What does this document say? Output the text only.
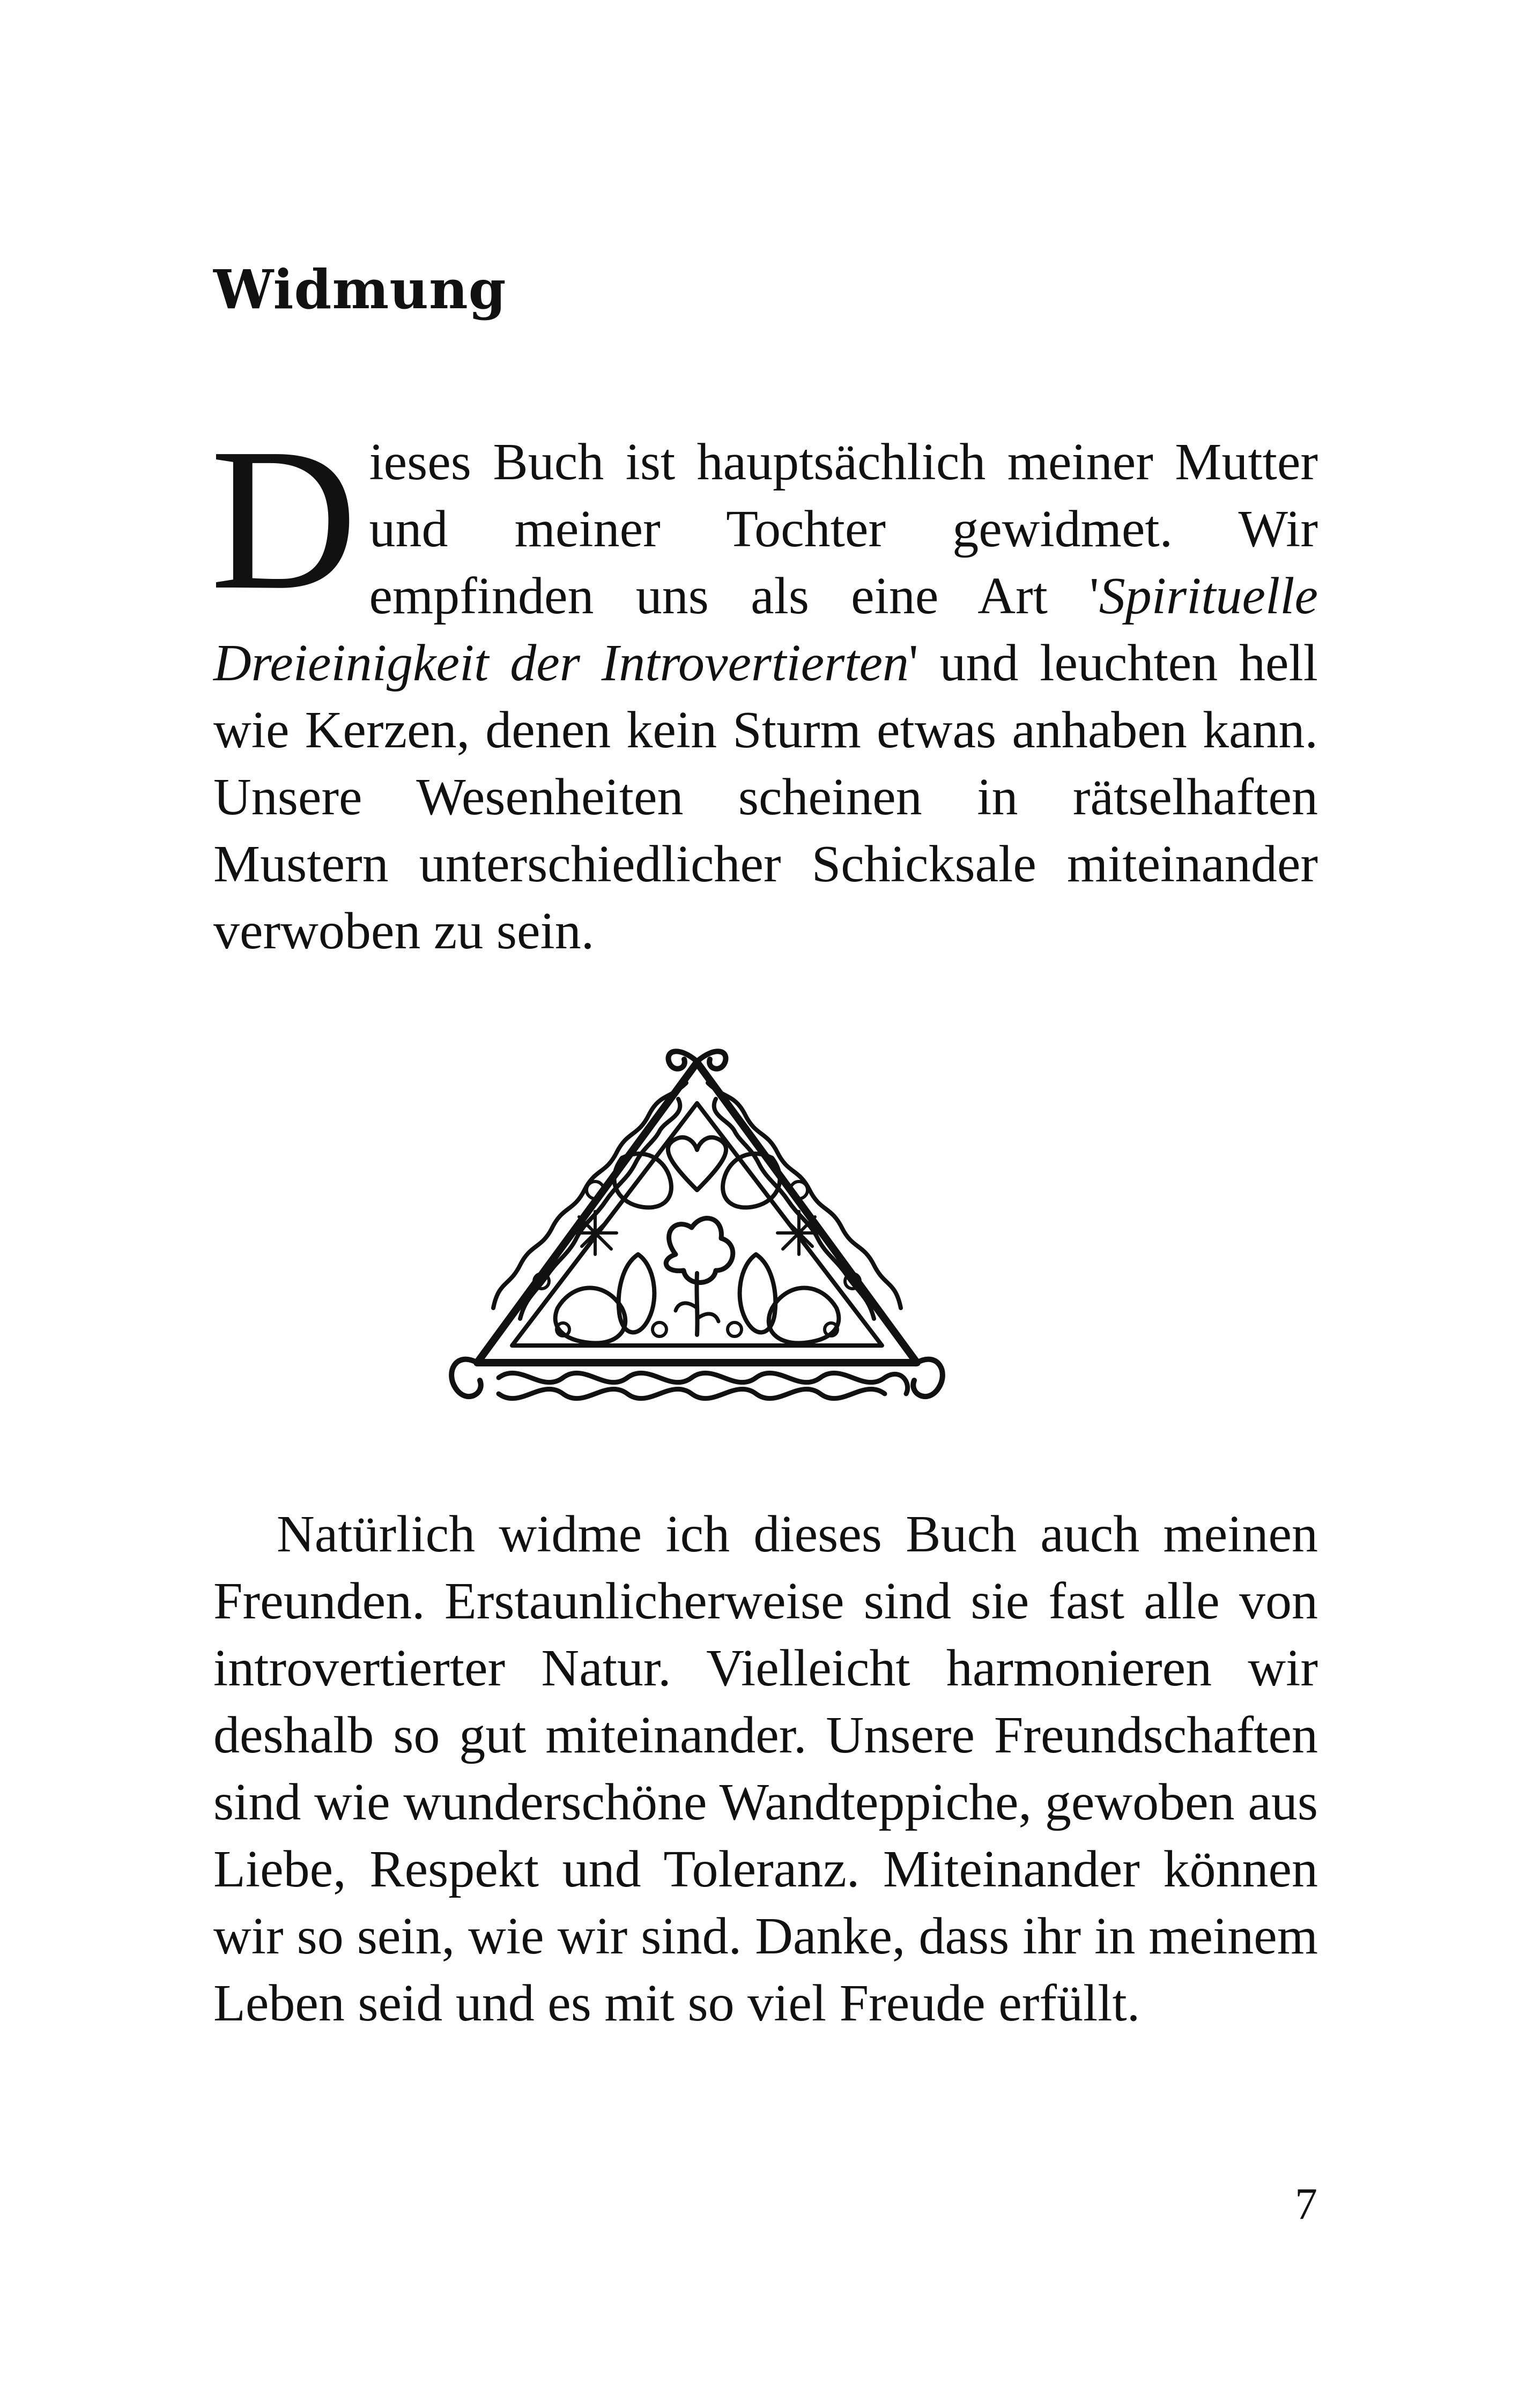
Widmung

Dieses Buch ist hauptsächlich meiner Mutter und meiner Tochter gewidmet. Wir empfinden uns als eine Art 'Spirituelle Dreieinigkeit der Introvertierten' und leuchten hell wie Kerzen, denen kein Sturm etwas anhaben kann. Unsere Wesenheiten scheinen in rätselhaften Mustern unterschiedlicher Schicksale miteinander verwoben zu sein.

Natürlich widme ich dieses Buch auch meinen Freunden. Erstaunlicherweise sind sie fast alle von introvertierter Natur. Vielleicht harmonieren wir deshalb so gut miteinander. Unsere Freundschaften sind wie wunderschöne Wandteppiche, gewoben aus Liebe, Respekt und Toleranz. Miteinander können wir so sein, wie wir sind. Danke, dass ihr in meinem Leben seid und es mit so viel Freude erfüllt.

7
